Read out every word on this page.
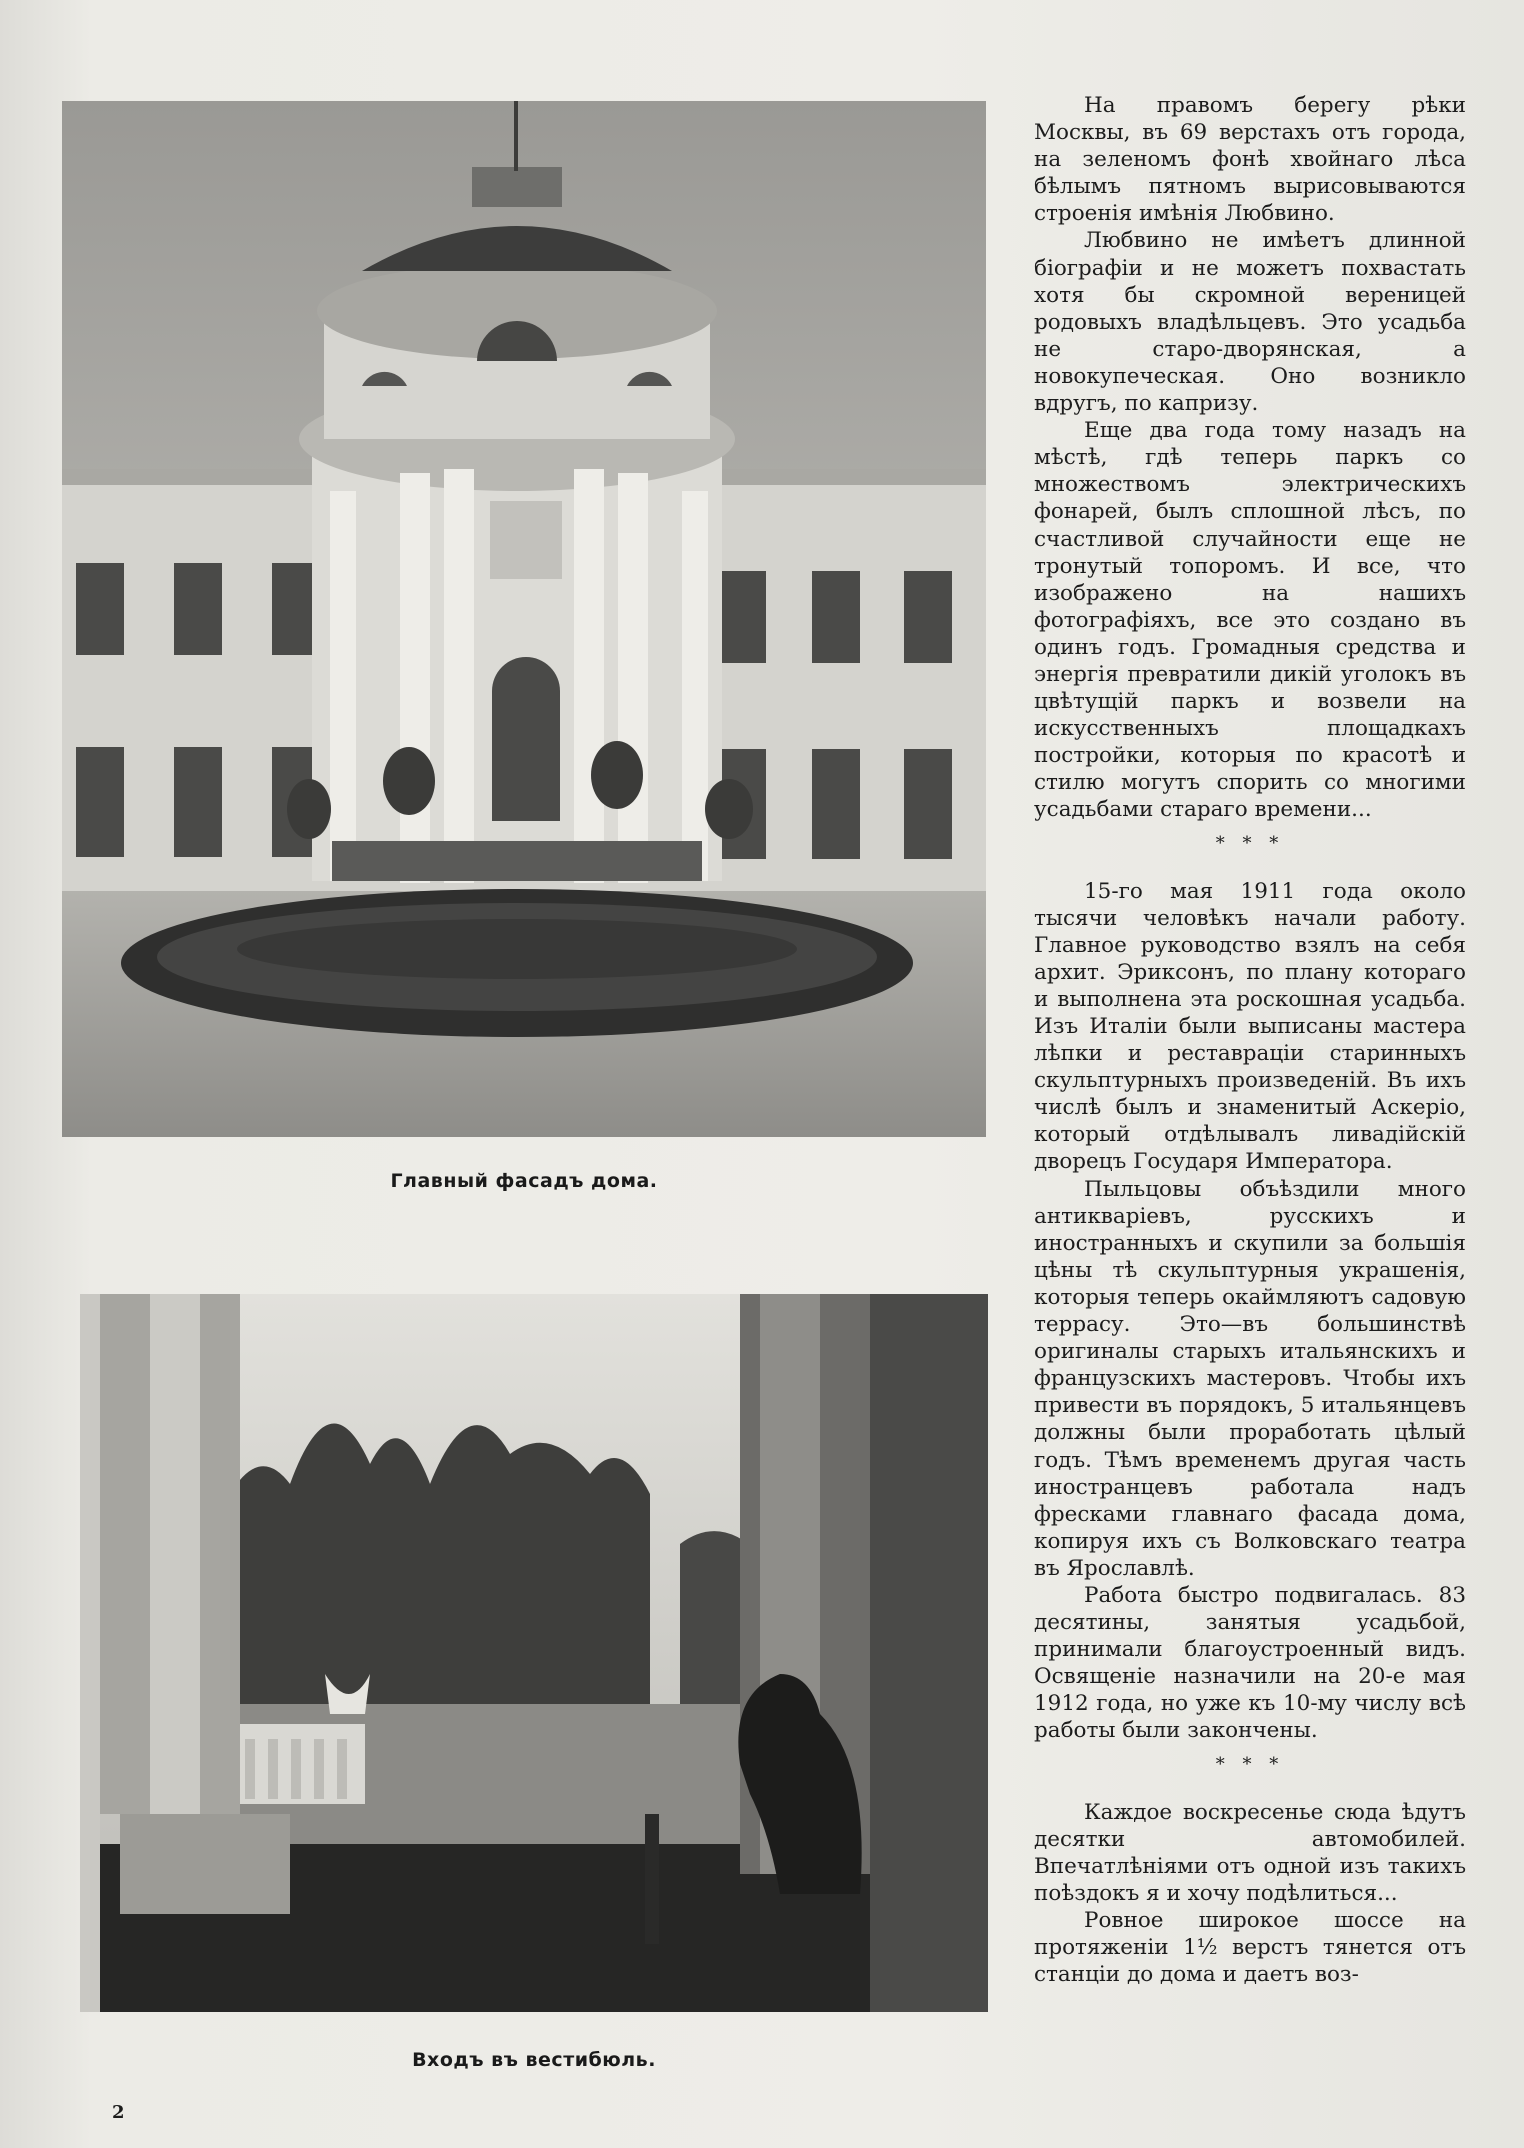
Главный фасадъ дома.
Входъ въ вестибюль.
2

На правомъ берегу рѣки Москвы, въ 69 верстахъ отъ города, на зеленомъ фонѣ хвойнаго лѣса бѣлымъ пятномъ вырисовываются строенія имѣнія Любвино.

Любвино не имѣетъ длинной біографіи и не можетъ похвастать хотя бы скромной вереницей родовыхъ владѣльцевъ. Это усадьба не старо-дворянская, а новокупеческая. Оно возникло вдругъ, по капризу.

Еще два года тому назадъ на мѣстѣ, гдѣ теперь паркъ со множествомъ электрическихъ фонарей, былъ сплошной лѣсъ, по счастливой случайности еще не тронутый топоромъ. И все, что изображено на нашихъ фотографіяхъ, все это создано въ одинъ годъ. Громадныя средства и энергія превратили дикій уголокъ въ цвѣтущій паркъ и возвели на искусственныхъ площадкахъ постройки, которыя по красотѣ и стилю могутъ спорить со многими усадьбами стараго времени...

* * *

15-го мая 1911 года около тысячи человѣкъ начали работу. Главное руководство взялъ на себя архит. Эриксонъ, по плану котораго и выполнена эта роскошная усадьба. Изъ Италіи были выписаны мастера лѣпки и реставраціи старинныхъ скульптурныхъ произведеній. Въ ихъ числѣ былъ и знаменитый Аскеріо, который отдѣлывалъ ливадійскій дворецъ Государя Императора.

Пыльцовы объѣздили много антикваріевъ, русскихъ и иностранныхъ и скупили за большія цѣны тѣ скульптурныя украшенія, которыя теперь окаймляютъ садовую террасу. Это—въ большинствѣ оригиналы старыхъ итальянскихъ и французскихъ мастеровъ. Чтобы ихъ привести въ порядокъ, 5 итальянцевъ должны были проработать цѣлый годъ. Тѣмъ временемъ другая часть иностранцевъ работала надъ фресками главнаго фасада дома, копируя ихъ съ Волковскаго театра въ Ярославлѣ.

Работа быстро подвигалась. 83 десятины, занятыя усадьбой, принимали благоустроенный видъ. Освященіе назначили на 20-е мая 1912 года, но уже къ 10-му числу всѣ работы были закончены.

* * *

Каждое воскресенье сюда ѣдутъ десятки автомобилей. Впечатлѣніями отъ одной изъ такихъ поѣздокъ я и хочу подѣлиться...

Ровное широкое шоссе на протяженіи 1½ верстъ тянется отъ станціи до дома и даетъ воз-
